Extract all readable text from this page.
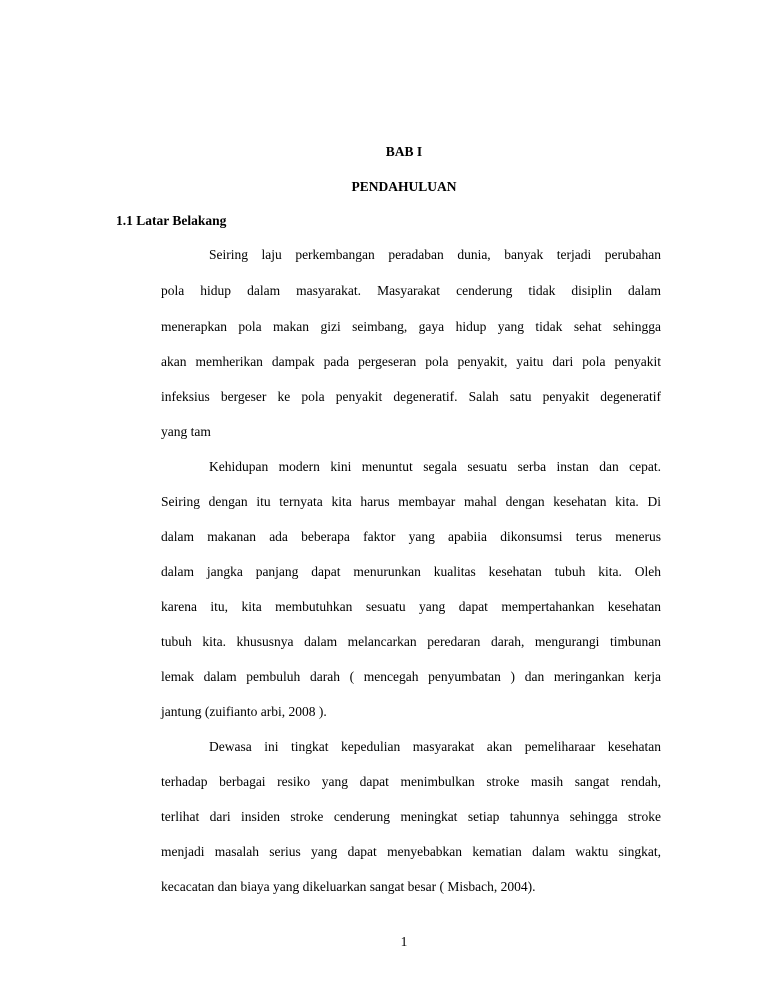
BAB I
PENDAHULUAN
1.1 Latar Belakang

Seiring laju perkembangan peradaban dunia, banyak terjadi perubahan

pola hidup dalam masyarakat. Masyarakat cenderung tidak disiplin dalam

menerapkan pola makan gizi seimbang, gaya hidup yang tidak sehat sehingga

akan memherikan dampak pada pergeseran pola penyakit, yaitu dari pola penyakit

infeksius bergeser ke pola penyakit degeneratif. Salah satu penyakit degeneratif

yang tam

Kehidupan modern kini menuntut segala sesuatu serba instan dan cepat.

Seiring dengan itu ternyata kita harus membayar mahal dengan kesehatan kita. Di

dalam makanan ada beberapa faktor yang apabiia dikonsumsi terus menerus

dalam jangka panjang dapat menurunkan kualitas kesehatan tubuh kita. Oleh

karena itu, kita membutuhkan sesuatu yang dapat mempertahankan kesehatan

tubuh kita. khususnya dalam melancarkan peredaran darah, mengurangi timbunan

lemak dalam pembuluh darah ( mencegah penyumbatan ) dan meringankan kerja

jantung (zuifianto arbi, 2008 ).

Dewasa ini tingkat kepedulian masyarakat akan pemeliharaar kesehatan

terhadap berbagai resiko yang dapat menimbulkan stroke masih sangat rendah,

terlihat dari insiden stroke cenderung meningkat setiap tahunnya sehingga stroke

menjadi masalah serius yang dapat menyebabkan kematian dalam waktu singkat,

kecacatan dan biaya yang dikeluarkan sangat besar ( Misbach, 2004).

1
